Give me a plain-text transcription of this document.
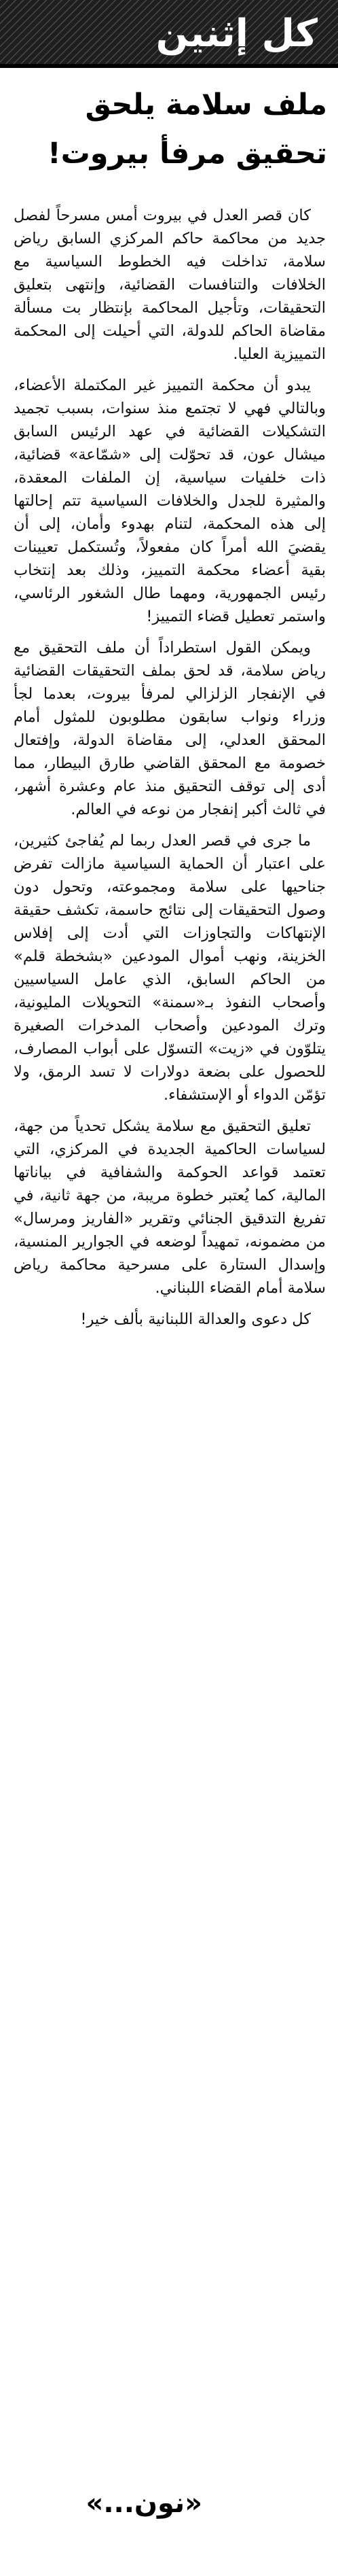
كل إثنين
ملف سلامة يلحق
تحقيق مرفأ بيروت!

كان قصر العدل في بيروت أمس مسرحاً لفصل جديد من محاكمة حاكم المركزي السابق رياض سلامة، تداخلت فيه الخطوط السياسية مع الخلافات والتنافسات القضائية، وإنتهى بتعليق التحقيقات، وتأجيل المحاكمة بإنتظار بت مسألة مقاضاة الحاكم للدولة، التي أحيلت إلى المحكمة التمييزية العليا.

يبدو أن محكمة التمييز غير المكتملة الأعضاء، وبالتالي فهي لا تجتمع منذ سنوات، بسبب تجميد التشكيلات القضائية في عهد الرئيس السابق ميشال عون، قد تحوّلت إلى «شمّاعة» قضائية، ذات خلفيات سياسية، إن الملفات المعقدة، والمثيرة للجدل والخلافات السياسية تتم إحالتها إلى هذه المحكمة، لتنام بهدوء وأمان، إلى أن يقضيَ الله أمراً كان مفعولاً، وتُستكمل تعيينات بقية أعضاء محكمة التمييز، وذلك بعد إنتخاب رئيس الجمهورية، ومهما طال الشغور الرئاسي، واستمر تعطيل قضاء التمييز!

ويمكن القول استطراداً أن ملف التحقيق مع رياض سلامة، قد لحق بملف التحقيقات القضائية في الإنفجار الزلزالي لمرفأ بيروت، بعدما لجأ وزراء ونواب سابقون مطلوبون للمثول أمام المحقق العدلي، إلى مقاضاة الدولة، وإفتعال خصومة مع المحقق القاضي طارق البيطار، مما أدى إلى توقف التحقيق منذ عام وعشرة أشهر، في ثالث أكبر إنفجار من نوعه في العالم.

ما جرى في قصر العدل ربما لم يُفاجئ كثيرين، على اعتبار أن الحماية السياسية مازالت تفرض جناحيها على سلامة ومجموعته، وتحول دون وصول التحقيقات إلى نتائج حاسمة، تكشف حقيقة الإنتهاكات والتجاوزات التي أدت إلى إفلاس الخزينة، ونهب أموال المودعين «بشخطة قلم» من الحاكم السابق، الذي عامل السياسيين وأصحاب النفوذ بـ«سمنة» التحويلات المليونية، وترك المودعين وأصحاب المدخرات الصغيرة يتلوّون في «زيت» التسوّل على أبواب المصارف، للحصول على بضعة دولارات لا تسد الرمق، ولا تؤمّن الدواء أو الإستشفاء.

تعليق التحقيق مع سلامة يشكل تحدياً من جهة، لسياسات الحاكمية الجديدة في المركزي، التي تعتمد قواعد الحوكمة والشفافية في بياناتها المالية، كما يُعتبر خطوة مريبة، من جهة ثانية، في تفريغ التدقيق الجنائي وتقرير «الفاريز ومرسال» من مضمونه، تمهيداً لوضعه في الجوارير المنسية، وإسدال الستارة على مسرحية محاكمة رياض سلامة أمام القضاء اللبناني.

كل دعوى والعدالة اللبنانية بألف خير!

«نون...»
